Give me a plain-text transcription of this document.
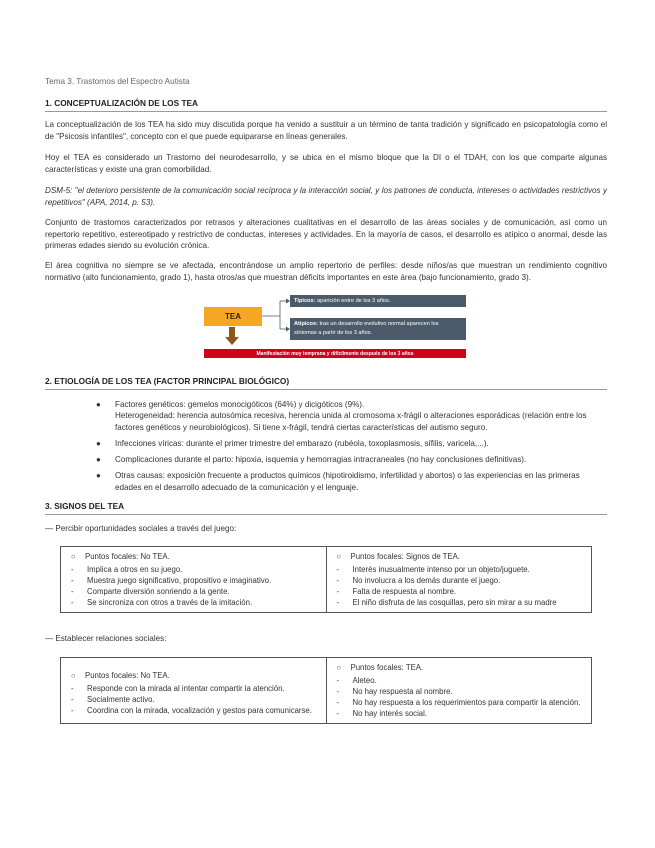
Tema 3. Trastornos del Espectro Autista
1. CONCEPTUALIZACIÓN DE LOS TEA

La conceptualización de los TEA ha sido muy discutida porque ha venido a sustituir a un término de tanta tradición y significado en psicopatología como el de "Psicosis infantiles", concepto con el que puede equipararse en líneas generales.

Hoy el TEA es considerado un Trastorno del neurodesarrollo, y se ubica en el mismo bloque que la DI o el TDAH, con los que comparte algunas características y existe una gran comorbilidad.

DSM-5: "el deterioro persistente de la comunicación social recíproca y la interacción social, y los patrones de conducta, intereses o actividades restrictivos y repetitivos" (APA, 2014, p. 53).

Conjunto de trastornos caracterizados por retrasos y alteraciones cualitativas en el desarrollo de las áreas sociales y de comunicación, así como un repertorio repetitivo, estereotipado y restrictivo de conductas, intereses y actividades. En la mayoría de casos, el desarrollo es atípico o anormal, desde las primeras edades siendo su evolución crónica.

El área cognitiva no siempre se ve afectada, encontrándose un amplio repertorio de perfiles: desde niños/as que muestran un rendimiento cognitivo normativo (alto funcionamiento, grado 1), hasta otros/as que muestran déficits importantes en este área (bajo funcionamiento, grado 3).

TEA
Típicos: aparición entre de los 3 años.
Atípicos: tras un desarrollo evolutivo normal aparecen los síntomas a partir de los 3 años.
Manifestación muy temprana y difícilmente después de los 3 años
2. ETIOLOGÍA DE LOS TEA (FACTOR PRINCIPAL BIOLÓGICO)
● Factores genéticos: gemelos monocigóticos (64%) y dicigóticos (9%).
Heterogeneidad: herencia autosómica recesiva, herencia unida al cromosoma x-frágil o alteraciones esporádicas (relación entre los factores genéticos y neurobiológicos). Si tiene x-frágil, tendrá ciertas características del autismo seguro.
● Infecciones víricas: durante el primer trimestre del embarazo (rubéola, toxoplasmosis, sífilis, varicela,...).
● Complicaciones durante el parto: hipoxia, isquemia y hemorragias intracraneales (no hay conclusiones definitivas).
● Otras causas: exposición frecuente a productos químicos (hipotiroidismo, infertilidad y abortos) o las experiencias en las primeras edades en el desarrollo adecuado de la comunicación y el lenguaje.
3. SIGNOS DEL TEA
— Percibir oportunidades sociales a través del juego:
○ Puntos focales: No TEA.
- Implica a otros en su juego.
- Muestra juego significativo, propositivo e imaginativo.
- Comparte diversión sonriendo a la gente.
- Se sincroniza con otros a través de la imitación.

○ Puntos focales: Signos de TEA.
- Interés inusualmente intenso por un objeto/juguete.
- No involucra a los demás durante el juego.
- Falta de respuesta al nombre.
- El niño disfruta de las cosquillas, pero sin mirar a su madre
— Establecer relaciones sociales:
○ Puntos focales: No TEA.
- Responde con la mirada al intentar compartir la atención.
- Socialmente activo.
- Coordina con la mirada, vocalización y gestos para comunicarse.

○ Puntos focales: TEA.
- Aleteo.
- No hay respuesta al nombre.
- No hay respuesta a los requerimientos para compartir la atención.
- No hay interés social.
